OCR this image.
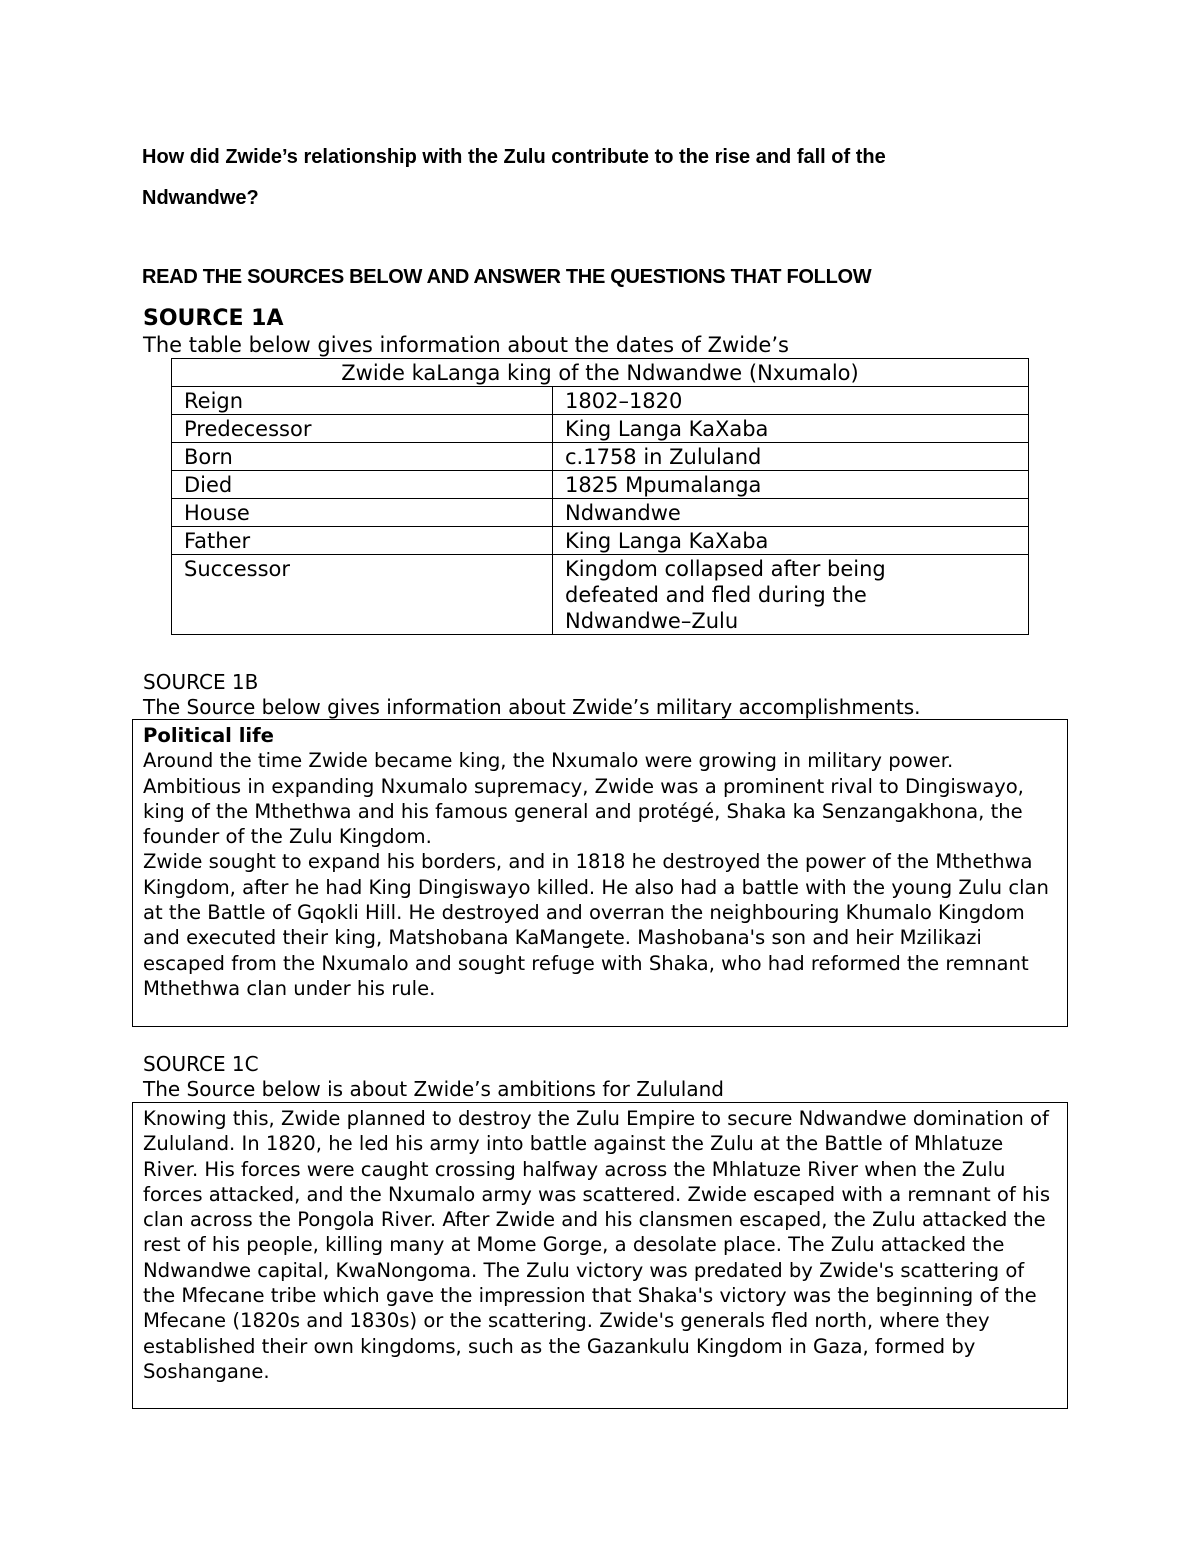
How did Zwide’s relationship with the Zulu contribute to the rise and fall of the
Ndwandwe?
READ THE SOURCES BELOW AND ANSWER THE QUESTIONS THAT FOLLOW
SOURCE 1A
The table below gives information about the dates of Zwide’s
Zwide kaLanga king of the Ndwandwe (Nxumalo)	
Reign	1802–1820
Predecessor	King Langa KaXaba
Born	c.1758 in Zululand
Died	1825 Mpumalanga
House	Ndwandwe
Father	King Langa KaXaba
Successor	Kingdom collapsed after being defeated and fled during the Ndwandwe–Zulu
SOURCE 1B
The Source below gives information about Zwide’s military accomplishments.

Political life

Around the time Zwide became king, the Nxumalo were growing in military power. Ambitious in expanding Nxumalo supremacy, Zwide was a prominent rival to Dingiswayo, king of the Mthethwa and his famous general and protégé, Shaka ka Senzangakhona, the founder of the Zulu Kingdom.

Zwide sought to expand his borders, and in 1818 he destroyed the power of the Mthethwa Kingdom, after he had King Dingiswayo killed. He also had a battle with the young Zulu clan at the Battle of Gqokli Hill. He destroyed and overran the neighbouring Khumalo Kingdom and executed their king, Matshobana KaMangete. Mashobana's son and heir Mzilikazi escaped from the Nxumalo and sought refuge with Shaka, who had reformed the remnant Mthethwa clan under his rule.

SOURCE 1C
The Source below is about Zwide’s ambitions for Zululand

Knowing this, Zwide planned to destroy the Zulu Empire to secure Ndwandwe domination of Zululand. In 1820, he led his army into battle against the Zulu at the Battle of Mhlatuze River. His forces were caught crossing halfway across the Mhlatuze River when the Zulu forces attacked, and the Nxumalo army was scattered. Zwide escaped with a remnant of his clan across the Pongola River. After Zwide and his clansmen escaped, the Zulu attacked the rest of his people, killing many at Mome Gorge, a desolate place. The Zulu attacked the Ndwandwe capital, KwaNongoma. The Zulu victory was predated by Zwide's scattering of the Mfecane tribe which gave the impression that Shaka's victory was the beginning of the Mfecane (1820s and 1830s) or the scattering. Zwide's generals fled north, where they established their own kingdoms, such as the Gazankulu Kingdom in Gaza, formed by Soshangane.
